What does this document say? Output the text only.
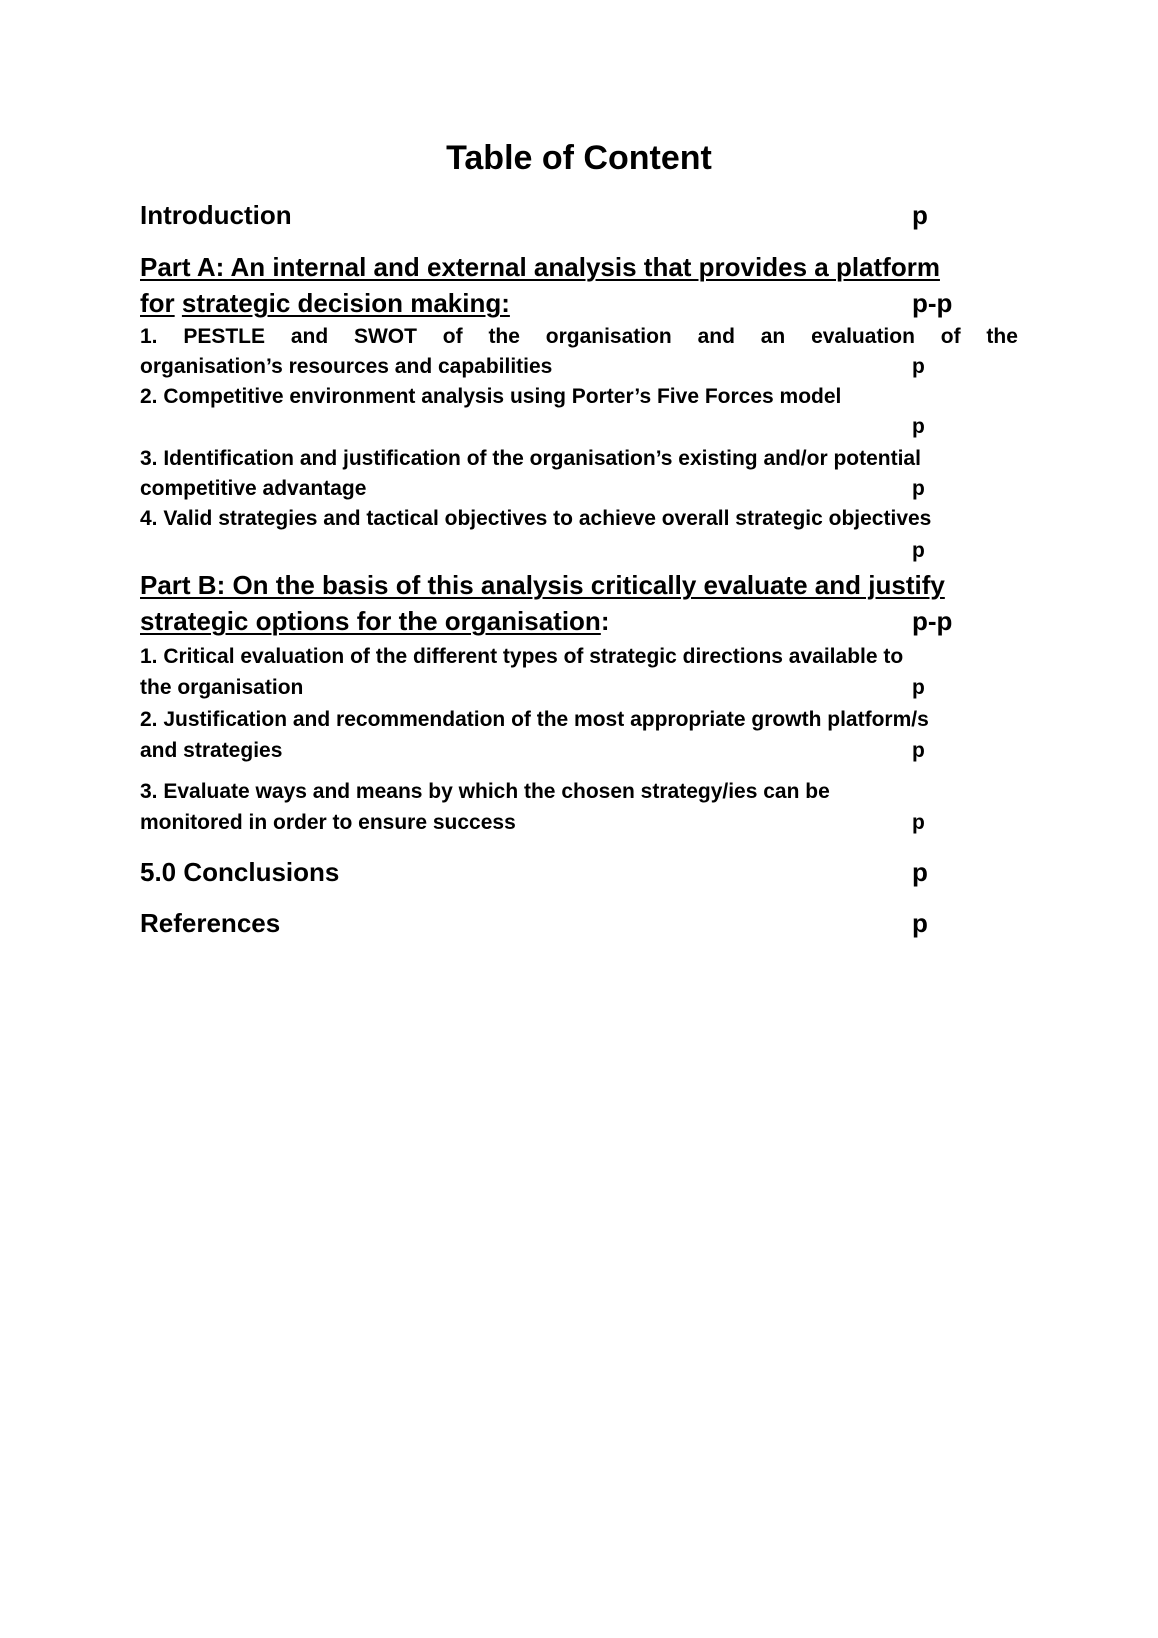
Table of Content
Introduction	p
Part A: An internal and external analysis that provides a platform
for strategic decision making:	p-p
1. PESTLE and SWOT of the organisation and an evaluation of the
organisation’s resources and capabilities	p
2. Competitive environment analysis using Porter’s Five Forces model
p
3. Identification and justification of the organisation’s existing and/or potential
competitive advantage	p
4. Valid strategies and tactical objectives to achieve overall strategic objectives
p
Part B: On the basis of this analysis critically evaluate and justify
strategic options for the organisation:	p-p
1. Critical evaluation of the different types of strategic directions available to
the organisation	p
2. Justification and recommendation of the most appropriate growth platform/s
and strategies	p
3. Evaluate ways and means by which the chosen strategy/ies can be
monitored in order to ensure success	p
5.0 Conclusions	p
References	p
